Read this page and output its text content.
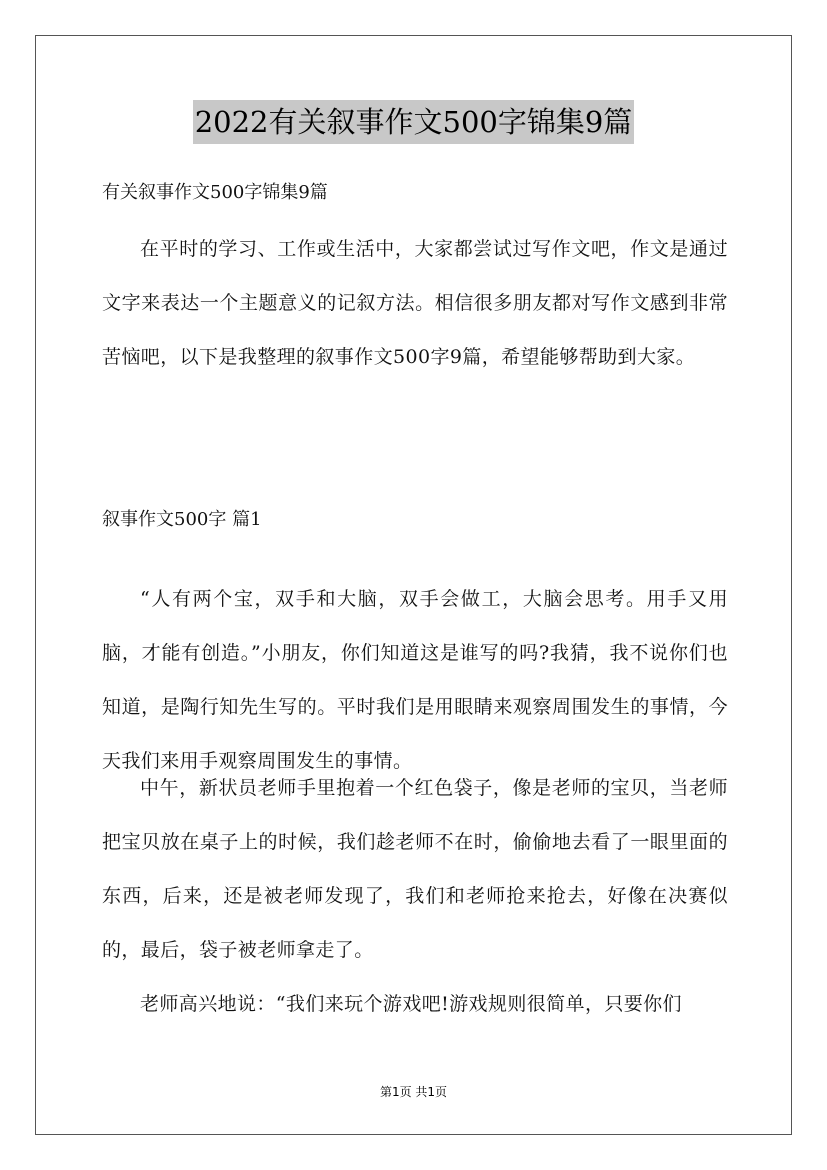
2022有关叙事作文500字锦集9篇

有关叙事作文500字锦集9篇

在平时的学习、工作或生活中，大家都尝试过写作文吧，作文是通过文字来表达一个主题意义的记叙方法。相信很多朋友都对写作文感到非常苦恼吧，以下是我整理的叙事作文500字9篇，希望能够帮助到大家。

叙事作文500字 篇1

“人有两个宝，双手和大脑，双手会做工，大脑会思考。用手又用脑，才能有创造。”小朋友，你们知道这是谁写的吗?我猜，我不说你们也知道，是陶行知先生写的。平时我们是用眼睛来观察周围发生的事情，今天我们来用手观察周围发生的事情。

中午，新状员老师手里抱着一个红色袋子，像是老师的宝贝，当老师把宝贝放在桌子上的时候，我们趁老师不在时，偷偷地去看了一眼里面的东西，后来，还是被老师发现了，我们和老师抢来抢去，好像在决赛似的，最后，袋子被老师拿走了。

老师高兴地说：“我们来玩个游戏吧!游戏规则很简单，只要你们

第1页 共1页
